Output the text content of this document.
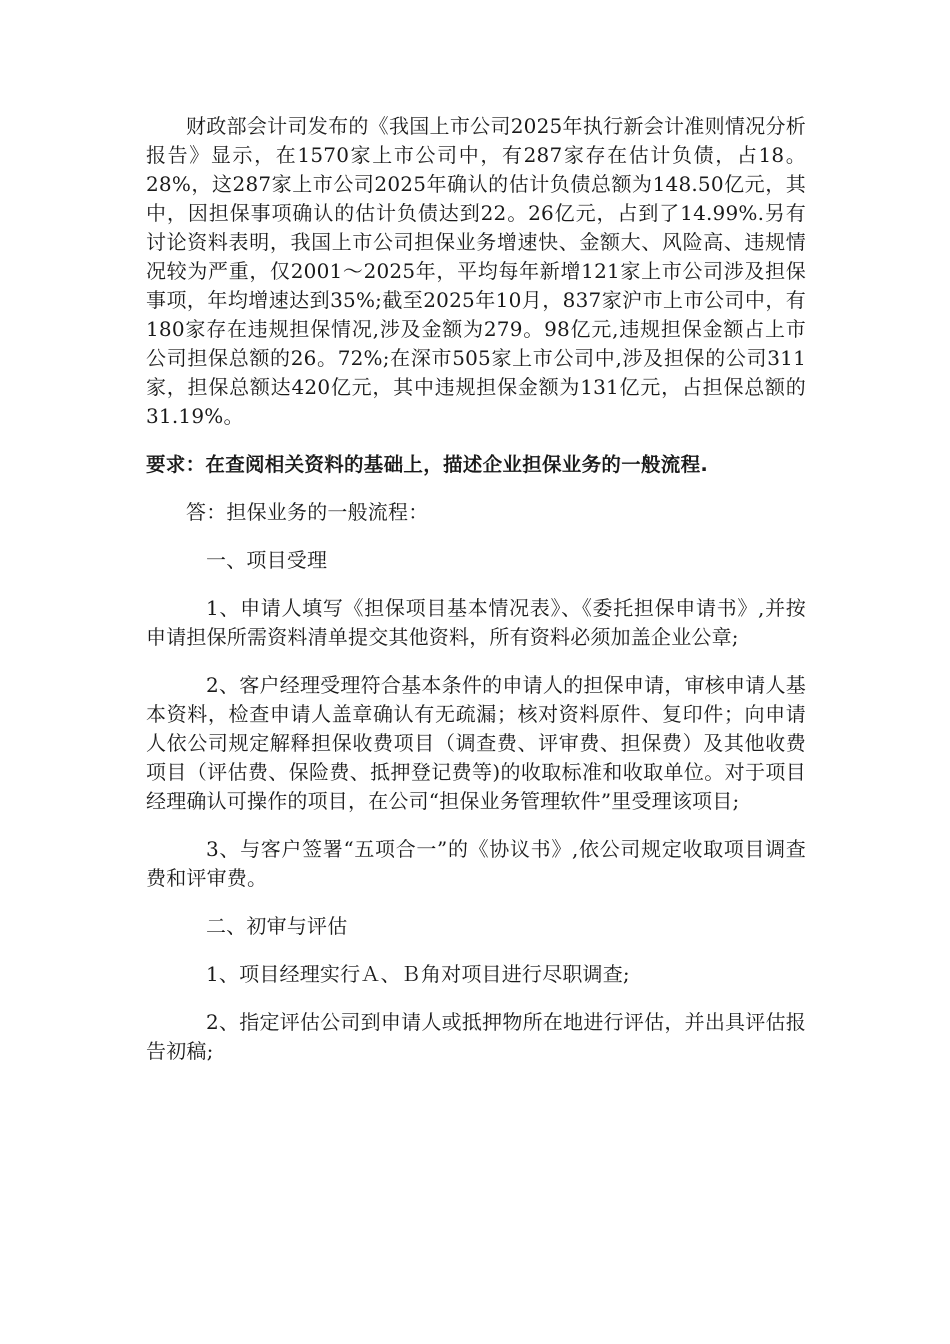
财政部会计司发布的《我国上市公司2025年执行新会计准则情况分析报告》显示，在1570家上市公司中，有287家存在估计负债，占18。28%，这287家上市公司2025年确认的估计负债总额为148.50亿元，其中，因担保事项确认的估计负债达到22。26亿元，占到了14.99%.另有讨论资料表明，我国上市公司担保业务增速快、金额大、风险高、违规情况较为严重，仅2001～2025年，平均每年新增121家上市公司涉及担保事项，年均增速达到35%;截至2025年10月，837家沪市上市公司中，有180家存在违规担保情况,涉及金额为279。98亿元,违规担保金额占上市公司担保总额的26。72%;在深市505家上市公司中,涉及担保的公司311家，担保总额达420亿元，其中违规担保金额为131亿元，占担保总额的31.19%。

要求：在查阅相关资料的基础上，描述企业担保业务的一般流程.

答：担保业务的一般流程：

一、项目受理

1、申请人填写《担保项目基本情况表》、《委托担保申请书》,并按申请担保所需资料清单提交其他资料，所有资料必须加盖企业公章;

2、客户经理受理符合基本条件的申请人的担保申请，审核申请人基本资料，检查申请人盖章确认有无疏漏；核对资料原件、复印件；向申请人依公司规定解释担保收费项目（调查费、评审费、担保费）及其他收费项目（评估费、保险费、抵押登记费等)的收取标准和收取单位。对于项目经理确认可操作的项目，在公司“担保业务管理软件”里受理该项目;

3、与客户签署“五项合一”的《协议书》,依公司规定收取项目调查费和评审费。

二、初审与评估

1、项目经理实行Ａ、Ｂ角对项目进行尽职调查;

2、指定评估公司到申请人或抵押物所在地进行评估，并出具评估报告初稿;
